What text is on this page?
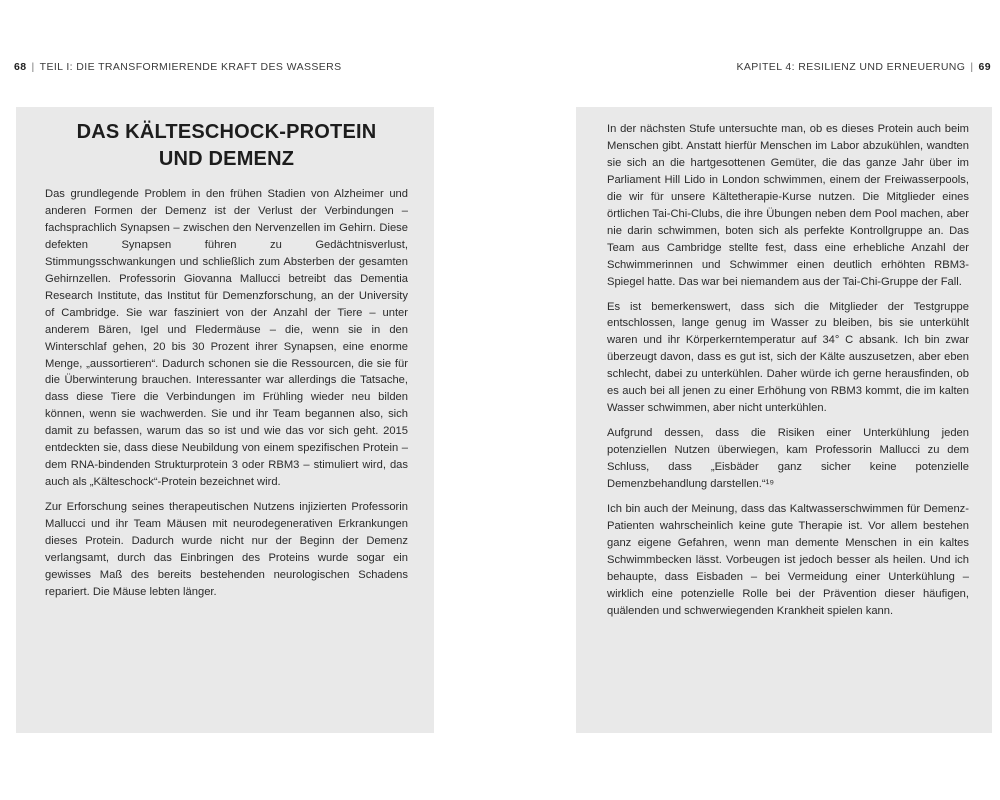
68 | TEIL I: DIE TRANSFORMIERENDE KRAFT DES WASSERS	KAPITEL 4: RESILIENZ UND ERNEUERUNG | 69
DAS KÄLTESCHOCK-PROTEIN
UND DEMENZ

Das grundlegende Problem in den frühen Stadien von Alzheimer und anderen Formen der Demenz ist der Verlust der Verbindungen – fachsprachlich Synapsen – zwischen den Nervenzellen im Gehirn. Diese defekten Synapsen führen zu Gedächtnisverlust, Stimmungsschwankungen und schließlich zum Absterben der gesamten Gehirnzellen. Professorin Giovanna Mallucci betreibt das Dementia Research Institute, das Institut für Demenzforschung, an der University of Cambridge. Sie war fasziniert von der Anzahl der Tiere – unter anderem Bären, Igel und Fledermäuse – die, wenn sie in den Winterschlaf gehen, 20 bis 30 Prozent ihrer Synapsen, eine enorme Menge, „aussortieren“. Dadurch schonen sie die Ressourcen, die sie für die Überwinterung brauchen. Interessanter war allerdings die Tatsache, dass diese Tiere die Verbindungen im Frühling wieder neu bilden können, wenn sie wachwerden. Sie und ihr Team begannen also, sich damit zu befassen, warum das so ist und wie das vor sich geht. 2015 entdeckten sie, dass diese Neubildung von einem spezifischen Protein – dem RNA-bindenden Strukturprotein 3 oder RBM3 – stimuliert wird, das auch als „Kälteschock“-Protein bezeichnet wird.

Zur Erforschung seines therapeutischen Nutzens injizierten Professorin Mallucci und ihr Team Mäusen mit neurodegenerativen Erkrankungen dieses Protein. Dadurch wurde nicht nur der Beginn der Demenz verlangsamt, durch das Einbringen des Proteins wurde sogar ein gewisses Maß des bereits bestehenden neurologischen Schadens repariert. Die Mäuse lebten länger.

In der nächsten Stufe untersuchte man, ob es dieses Protein auch beim Menschen gibt. Anstatt hierfür Menschen im Labor abzukühlen, wandten sie sich an die hartgesottenen Gemüter, die das ganze Jahr über im Parliament Hill Lido in London schwimmen, einem der Freiwasserpools, die wir für unsere Kältetherapie-Kurse nutzen. Die Mitglieder eines örtlichen Tai-Chi-Clubs, die ihre Übungen neben dem Pool machen, aber nie darin schwimmen, boten sich als perfekte Kontrollgruppe an. Das Team aus Cambridge stellte fest, dass eine erhebliche Anzahl der Schwimmerinnen und Schwimmer einen deutlich erhöhten RBM3-Spiegel hatte. Das war bei niemandem aus der Tai-Chi-Gruppe der Fall.

Es ist bemerkenswert, dass sich die Mitglieder der Testgruppe entschlossen, lange genug im Wasser zu bleiben, bis sie unterkühlt waren und ihr Körperkerntemperatur auf 34° C absank. Ich bin zwar überzeugt davon, dass es gut ist, sich der Kälte auszusetzen, aber eben schlecht, dabei zu unterkühlen. Daher würde ich gerne herausfinden, ob es auch bei all jenen zu einer Erhöhung von RBM3 kommt, die im kalten Wasser schwimmen, aber nicht unterkühlen.

Aufgrund dessen, dass die Risiken einer Unterkühlung jeden potenziellen Nutzen überwiegen, kam Professorin Mallucci zu dem Schluss, dass „Eisbäder ganz sicher keine potenzielle Demenzbehandlung darstellen.“¹⁹

Ich bin auch der Meinung, dass das Kaltwasserschwimmen für Demenz-Patienten wahrscheinlich keine gute Therapie ist. Vor allem bestehen ganz eigene Gefahren, wenn man demente Menschen in ein kaltes Schwimmbecken lässt. Vorbeugen ist jedoch besser als heilen. Und ich behaupte, dass Eisbaden – bei Vermeidung einer Unterkühlung – wirklich eine potenzielle Rolle bei der Prävention dieser häufigen, quälenden und schwerwiegenden Krankheit spielen kann.
